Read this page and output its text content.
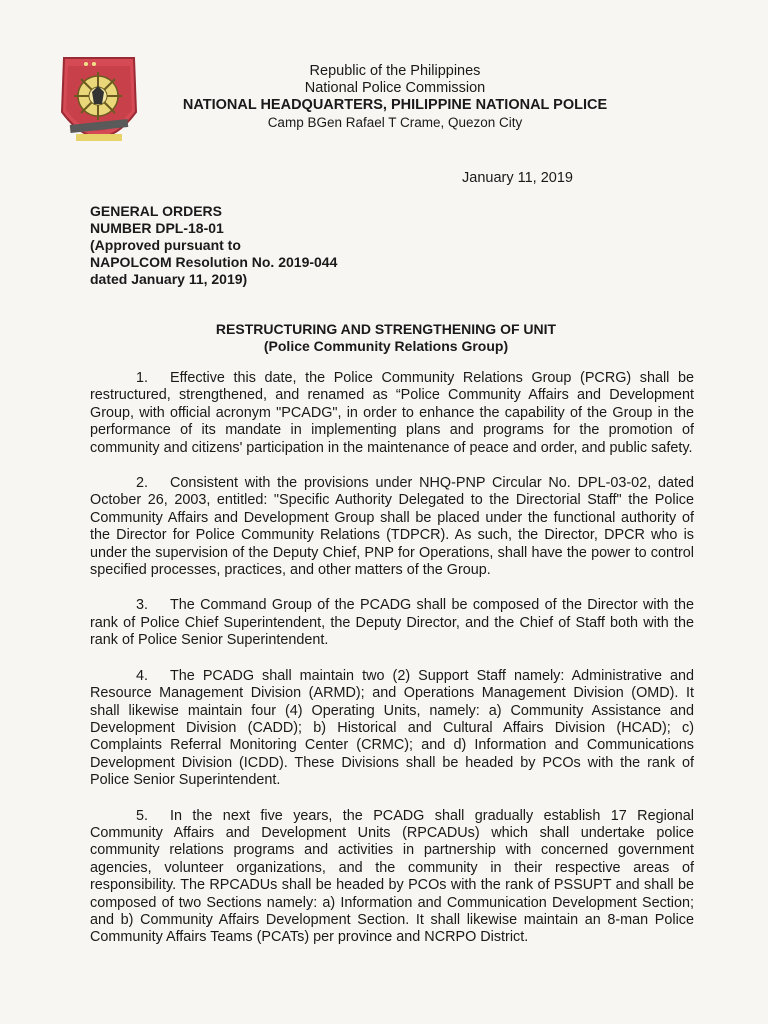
Republic of the Philippines
National Police Commission
NATIONAL HEADQUARTERS, PHILIPPINE NATIONAL POLICE
Camp BGen Rafael T Crame, Quezon City
January 11, 2019
GENERAL ORDERS
NUMBER DPL-18-01
(Approved pursuant to
NAPOLCOM Resolution No. 2019-044
dated January 11, 2019)
RESTRUCTURING AND STRENGTHENING OF UNIT
(Police Community Relations Group)

1. Effective this date, the Police Community Relations Group (PCRG) shall be restructured, strengthened, and renamed as “Police Community Affairs and Development Group, with official acronym "PCADG", in order to enhance the capability of the Group in the performance of its mandate in implementing plans and programs for the promotion of community and citizens' participation in the maintenance of peace and order, and public safety.

2. Consistent with the provisions under NHQ-PNP Circular No. DPL-03-02, dated October 26, 2003, entitled: "Specific Authority Delegated to the Directorial Staff" the Police Community Affairs and Development Group shall be placed under the functional authority of the Director for Police Community Relations (TDPCR). As such, the Director, DPCR who is under the supervision of the Deputy Chief, PNP for Operations, shall have the power to control specified processes, practices, and other matters of the Group.

3. The Command Group of the PCADG shall be composed of the Director with the rank of Police Chief Superintendent, the Deputy Director, and the Chief of Staff both with the rank of Police Senior Superintendent.

4. The PCADG shall maintain two (2) Support Staff namely: Administrative and Resource Management Division (ARMD); and Operations Management Division (OMD). It shall likewise maintain four (4) Operating Units, namely: a) Community Assistance and Development Division (CADD); b) Historical and Cultural Affairs Division (HCAD); c) Complaints Referral Monitoring Center (CRMC); and d) Information and Communications Development Division (ICDD). These Divisions shall be headed by PCOs with the rank of Police Senior Superintendent.

5. In the next five years, the PCADG shall gradually establish 17 Regional Community Affairs and Development Units (RPCADUs) which shall undertake police community relations programs and activities in partnership with concerned government agencies, volunteer organizations, and the community in their respective areas of responsibility. The RPCADUs shall be headed by PCOs with the rank of PSSUPT and shall be composed of two Sections namely: a) Information and Communication Development Section; and b) Community Affairs Development Section. It shall likewise maintain an 8-man Police Community Affairs Teams (PCATs) per province and NCRPO District.
